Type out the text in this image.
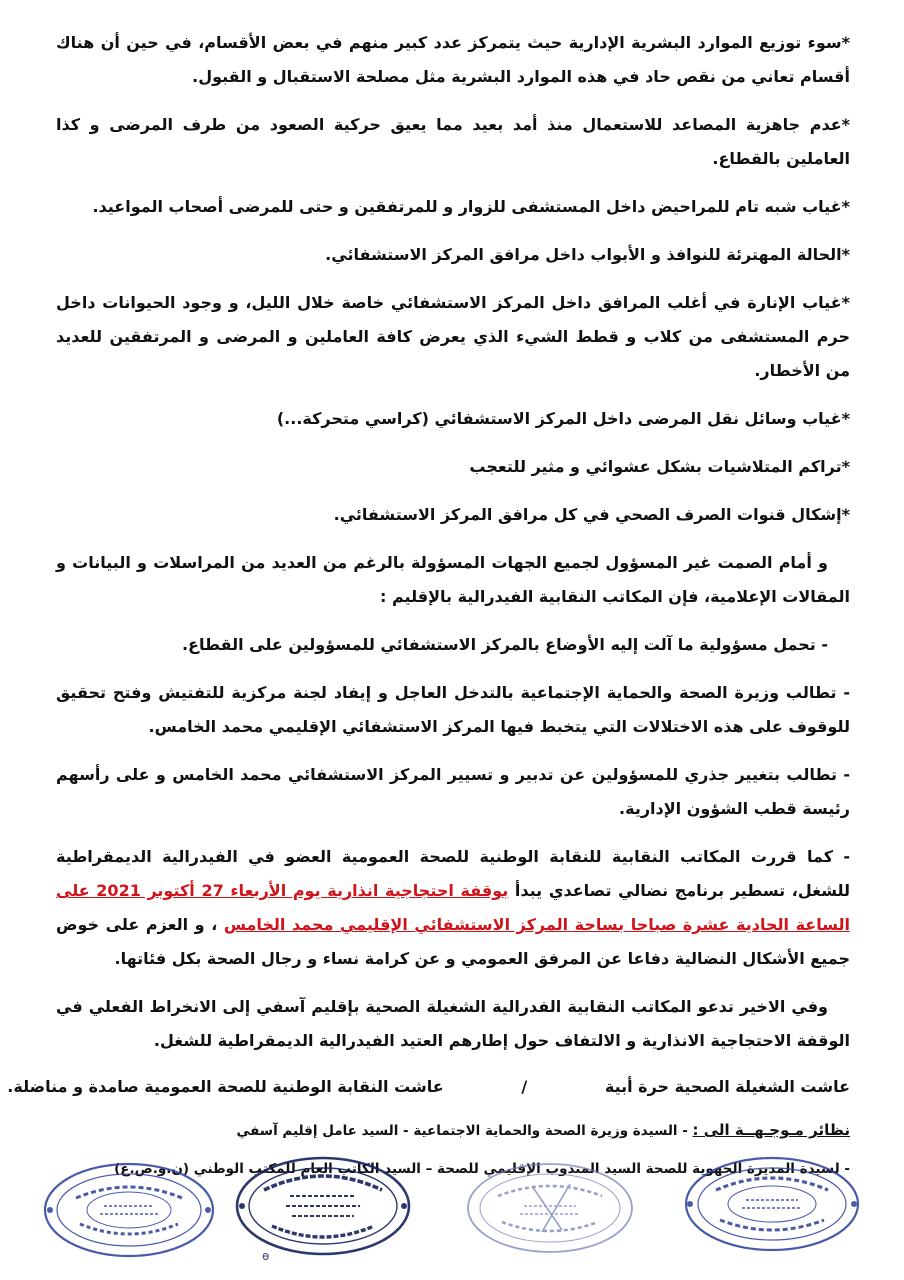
*سوء توزيع الموارد البشرية الإدارية حيث يتمركز عدد كبير منهم في بعض الأقسام، في حين أن هناك أقسام تعاني من نقص حاد في هذه الموارد البشرية مثل مصلحة الاستقبال و القبول.

*عدم جاهزية المصاعد للاستعمال منذ أمد بعيد مما يعيق حركية الصعود من طرف المرضى و كذا العاملين بالقطاع.

*غياب شبه تام للمراحيض داخل المستشفى للزوار و للمرتفقين و حتى للمرضى أصحاب المواعيد.

*الحالة المهترئة للنوافذ و الأبواب داخل مرافق المركز الاستشفائي.

*غياب الإنارة في أغلب المرافق داخل المركز الاستشفائي خاصة خلال الليل، و وجود الحيوانات داخل حرم المستشفى من كلاب و قطط الشيء الذي يعرض كافة العاملين و المرضى و المرتفقين للعديد من الأخطار.

*غياب وسائل نقل المرضى داخل المركز الاستشفائي (كراسي متحركة...)

*تراكم المتلاشيات بشكل عشوائي و مثير للتعجب

*إشكال قنوات الصرف الصحي في كل مرافق المركز الاستشفائي.

و أمام الصمت غير المسؤول لجميع الجهات المسؤولة بالرغم من العديد من المراسلات و البيانات و المقالات الإعلامية، فإن المكاتب النقابية الفيدرالية بالإقليم :

- تحمل مسؤولية ما آلت إليه الأوضاع بالمركز الاستشفائي للمسؤولين على القطاع.

- تطالب وزيرة الصحة والحماية الإجتماعية بالتدخل العاجل و إيفاد لجنة مركزية للتفتيش وفتح تحقيق للوقوف على هذه الاختلالات التي يتخبط فيها المركز الاستشفائي الإقليمي محمد الخامس.

- تطالب بتغيير جذري للمسؤولين عن تدبير و تسيير المركز الاستشفائي محمد الخامس و على رأسهم رئيسة قطب الشؤون الإدارية.

- كما قررت المكاتب النقابية للنقابة الوطنية للصحة العمومية العضو في الفيدرالية الديمقراطية للشغل، تسطير برنامج نضالي تصاعدي يبدأ بوقفة احتجاجية انذارية يوم الأربعاء 27 أكتوبر 2021 على الساعة الحادية عشرة صباحا بساحة المركز الاستشفائي الإقليمي محمد الخامس ، و العزم على خوض جميع الأشكال النضالية دفاعا عن المرفق العمومي و عن كرامة نساء و رجال الصحة بكل فئاتها.

وفي الاخير تدعو المكاتب النقابية الفدرالية الشغيلة الصحية بإقليم آسفي إلى الانخراط الفعلي في الوقفة الاحتجاجية الانذارية و الالتفاف حول إطارهم العتيد الفيدرالية الديمقراطية للشغل.

عاشت الشغيلة الصحية حرة أبية / عاشت النقابة الوطنية للصحة العمومية صامدة و مناضلة.
نظائر مـوجـهــة الى : - السيدة وزيرة الصحة والحماية الاجتماعية - السيد عامل إقليم آسفي
- لسيدة المديرة الجهوية للصحة السيد المندوب الإقليمي للصحة – السيد الكاتب العام للمكتب الوطني (ن.و.ص.ع)
ɵ
